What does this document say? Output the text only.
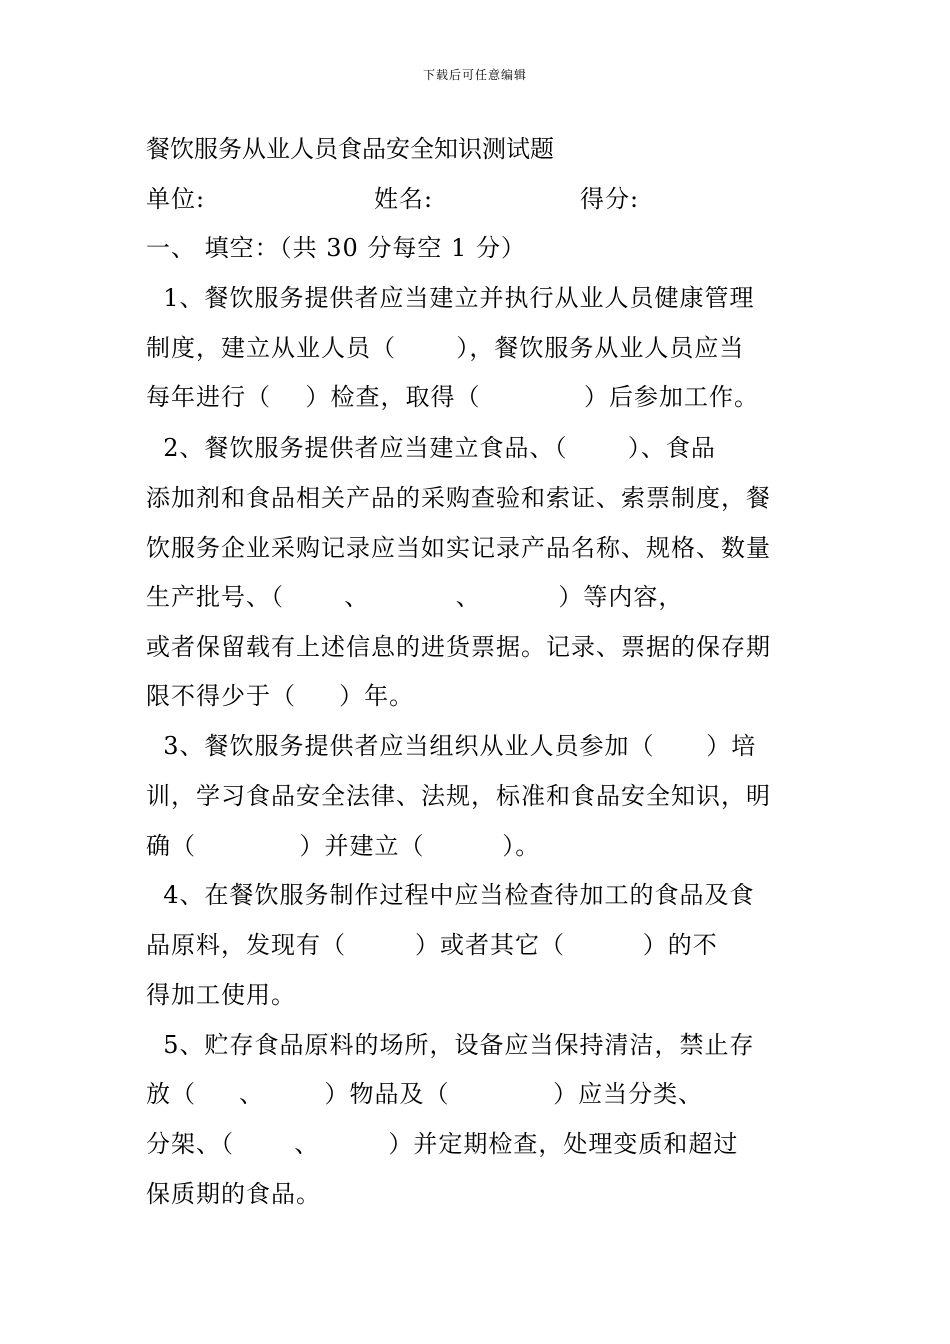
下载后可任意编辑
餐饮服务从业人员食品安全知识测试题

单位:

	姓名:

	得分:

一、 填空：（共 30 分每空 1 分）
1、餐饮服务提供者应当建立并执行从业人员健康管理
制度，建立从业人员（       ），餐饮服务从业人员应当
每年进行（    ）检查，取得（            ）后参加工作。
2、餐饮服务提供者应当建立食品、（       ）、食品
添加剂和食品相关产品的采购查验和索证、索票制度，餐
饮服务企业采购记录应当如实记录产品名称、规格、数量
生产批号、（       、          、         ）等内容，
或者保留载有上述信息的进货票据。记录、票据的保存期
限不得少于（     ）年。
3、餐饮服务提供者应当组织从业人员参加（      ）培
训，学习食品安全法律、法规，标准和食品安全知识，明
确（            ）并建立（         ）。
4、在餐饮服务制作过程中应当检查待加工的食品及食
品原料，发现有（        ）或者其它（         ）的不
得加工使用。
5、贮存食品原料的场所，设备应当保持清洁，禁止存
放（     、       ）物品及（            ）应当分类、
分架、（       、        ）并定期检查，处理变质和超过
保质期的食品。
